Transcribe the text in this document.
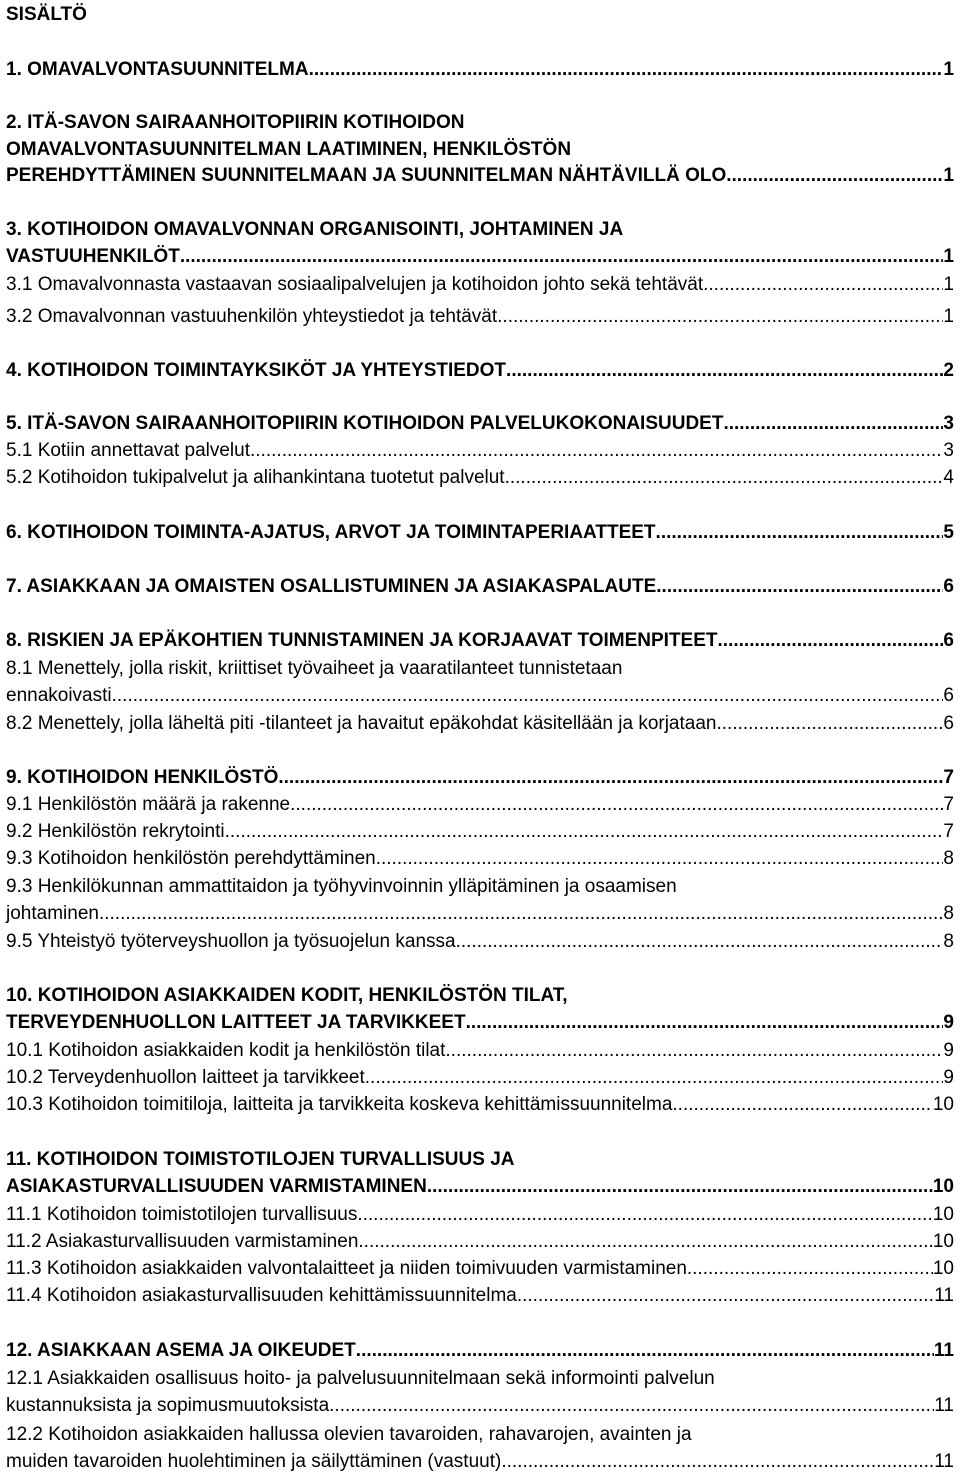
SISÄLTÖ
1. OMAVALVONTASUUNNITELMA .....	1
2. ITÄ-SAVON SAIRAANHOITOPIIRIN KOTIHOIDON
OMAVALVONTASUUNNITELMAN LAATIMINEN, HENKILÖSTÖN
PEREHDYTTÄMINEN SUUNNITELMAAN JA SUUNNITELMAN NÄHTÄVILLÄ OLO .....	1
3. KOTIHOIDON OMAVALVONNAN ORGANISOINTI, JOHTAMINEN JA
VASTUUHENKILÖT .....	1
3.1 Omavalvonnasta vastaavan sosiaalipalvelujen ja kotihoidon johto sekä tehtävät .....	1
3.2 Omavalvonnan vastuuhenkilön yhteystiedot ja tehtävät .....	1
4. KOTIHOIDON TOIMINTAYKSIKÖT JA YHTEYSTIEDOT .....	2
5. ITÄ-SAVON SAIRAANHOITOPIIRIN KOTIHOIDON PALVELUKOKONAISUUDET .....	3
5.1 Kotiin annettavat palvelut .....	3
5.2 Kotihoidon tukipalvelut ja alihankintana tuotetut palvelut .....	4
6. KOTIHOIDON TOIMINTA-AJATUS, ARVOT JA TOIMINTAPERIAATTEET .....	5
7. ASIAKKAAN JA OMAISTEN OSALLISTUMINEN JA ASIAKASPALAUTE .....	6
8. RISKIEN JA EPÄKOHTIEN TUNNISTAMINEN JA KORJAAVAT TOIMENPITEET .....	6
8.1 Menettely, jolla riskit, kriittiset työvaiheet ja vaaratilanteet tunnistetaan
ennakoivasti .....	6
8.2 Menettely, jolla läheltä piti -tilanteet ja havaitut epäkohdat käsitellään ja korjataan .....	6
9. KOTIHOIDON HENKILÖSTÖ .....	7
9.1 Henkilöstön määrä ja rakenne .....	7
9.2 Henkilöstön rekrytointi .....	7
9.3 Kotihoidon henkilöstön perehdyttäminen .....	8
9.3 Henkilökunnan ammattitaidon ja työhyvinvoinnin ylläpitäminen ja osaamisen
johtaminen .....	8
9.5 Yhteistyö työterveyshuollon ja työsuojelun kanssa .....	8
10. KOTIHOIDON ASIAKKAIDEN KODIT, HENKILÖSTÖN TILAT,
TERVEYDENHUOLLON LAITTEET JA TARVIKKEET .....	9
10.1 Kotihoidon asiakkaiden kodit ja henkilöstön tilat .....	9
10.2 Terveydenhuollon laitteet ja tarvikkeet .....	9
10.3 Kotihoidon toimitiloja, laitteita ja tarvikkeita koskeva kehittämissuunnitelma .....	10
11. KOTIHOIDON TOIMISTOTILOJEN TURVALLISUUS JA
ASIAKASTURVALLISUUDEN VARMISTAMINEN .....	10
11.1 Kotihoidon toimistotilojen turvallisuus .....	10
11.2 Asiakasturvallisuuden varmistaminen .....	10
11.3 Kotihoidon asiakkaiden valvontalaitteet ja niiden toimivuuden varmistaminen .....	10
11.4 Kotihoidon asiakasturvallisuuden kehittämissuunnitelma .....	11
12. ASIAKKAAN ASEMA JA OIKEUDET .....	11
12.1 Asiakkaiden osallisuus hoito- ja palvelusuunnitelmaan sekä informointi palvelun
kustannuksista ja sopimusmuutoksista .....	11
12.2 Kotihoidon asiakkaiden hallussa olevien tavaroiden, rahavarojen, avainten ja
muiden tavaroiden huolehtiminen ja säilyttäminen (vastuut) .....	11
